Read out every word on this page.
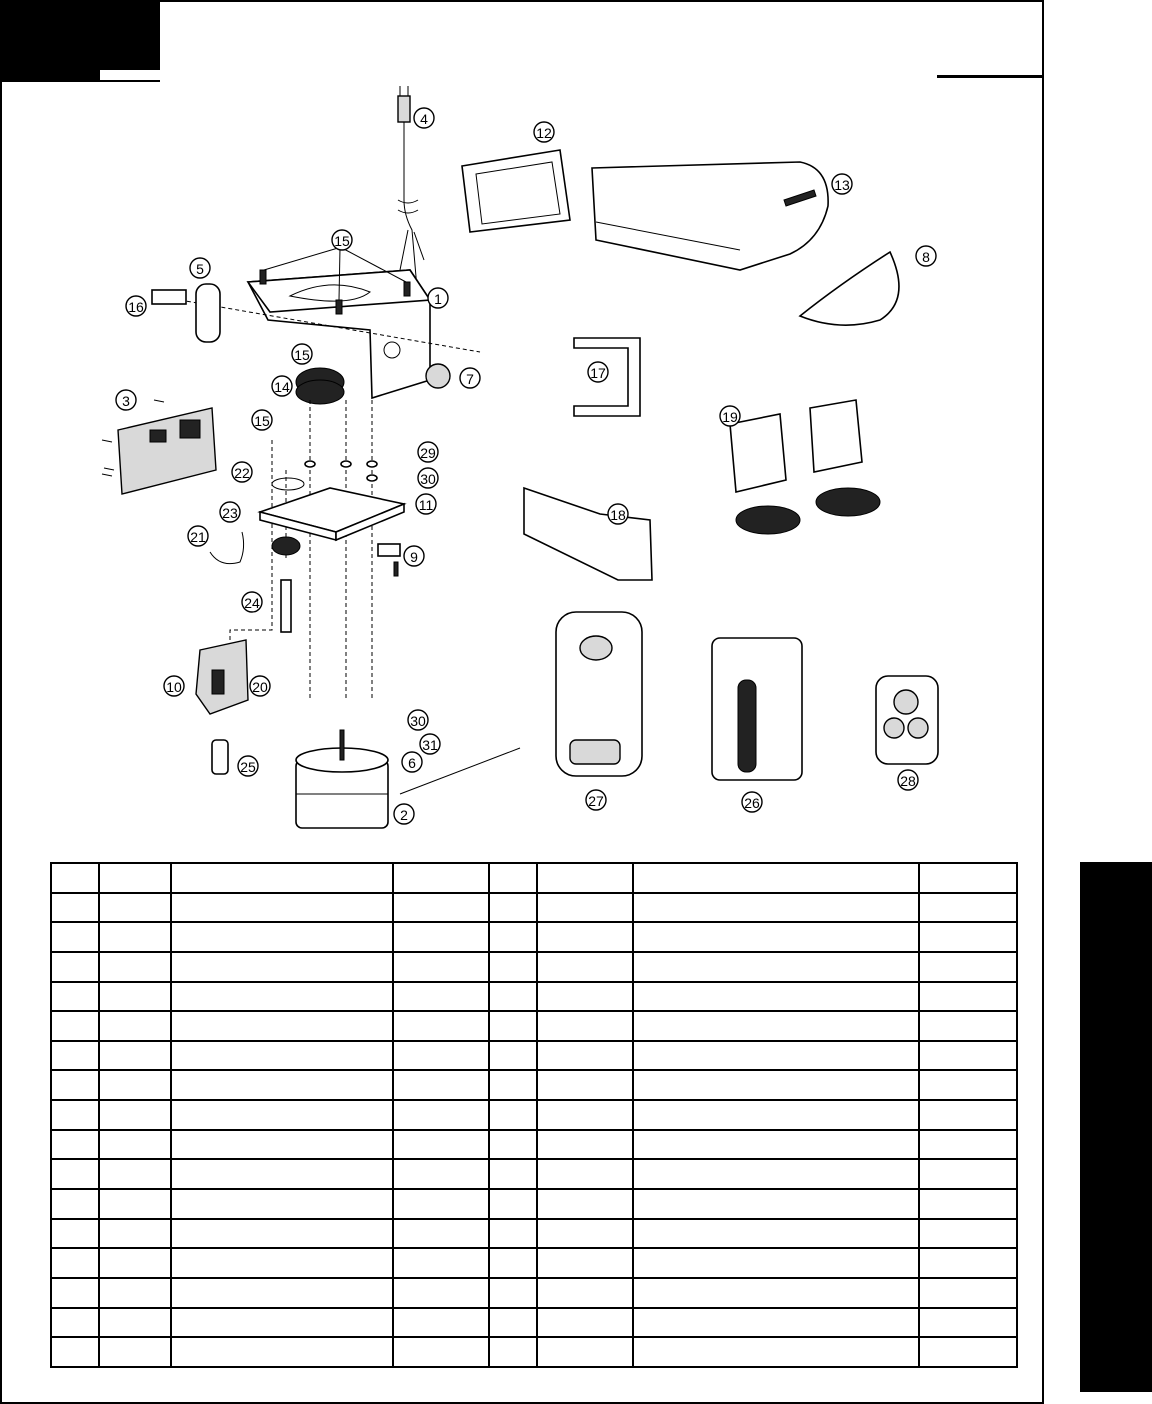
1
2
3
4
5
6
7
8
9
10
11
12
13
14
15
15
15
16
17
18
19
20
21
22
23
24
25
26
27
28
29
30
30
31
